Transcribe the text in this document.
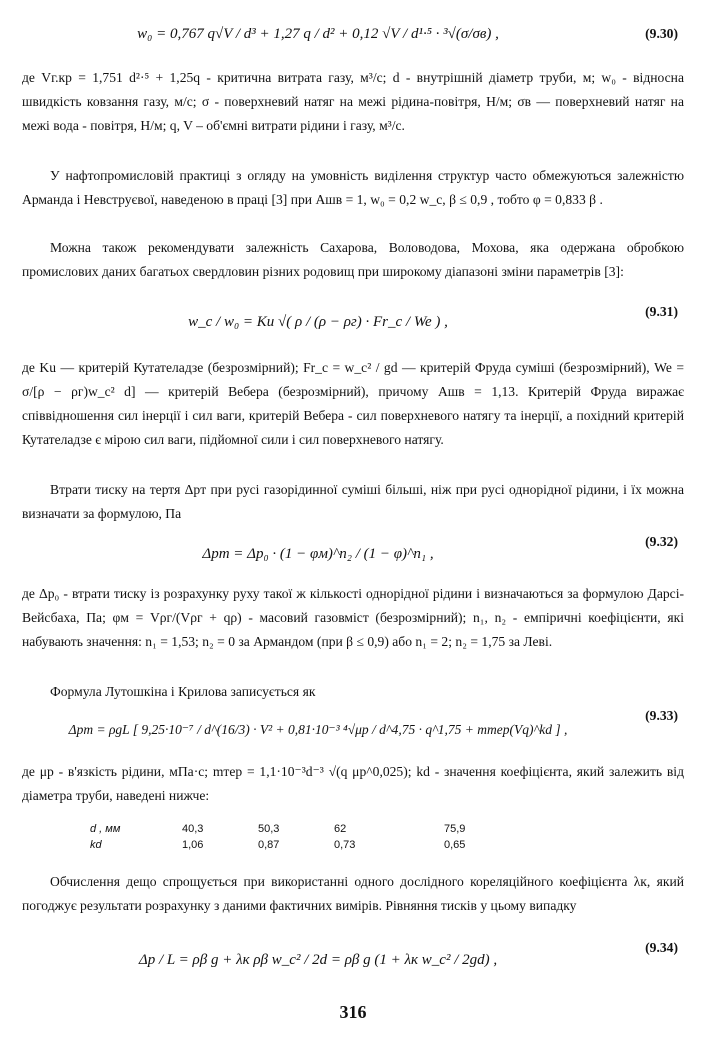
w₀ = 0,767 q√V / d³ + 1,27 q / d² + 0,12 √V / d¹·⁵ · ³√(σ/σв) ,	(9.30)

де Vг.кр = 1,751 d²·⁵ + 1,25q - критична витрата газу, м³/с; d - внутрішній діаметр труби, м; w₀ - відносна швидкість ковзання газу, м/с; σ - поверхневий натяг на межі рідина-повітря, Н/м; σв — поверхневий натяг на межі вода - повітря, Н/м; q, V – об'ємні витрати рідини і газу, м³/с.

У нафтопромисловій практиці з огляду на умовність виділення структур часто обмежуються залежністю Арманда і Невструєвої, наведеною в праці [3] при Aшв = 1, w₀ = 0,2 w_c, β ≤ 0,9 , тобто φ = 0,833 β .

Можна також рекомендувати залежність Сахарова, Воловодова, Мохова, яка одержана обробкою промислових даних багатьох свердловин різних родовищ при широкому діапазоні зміни параметрів [3]:

w_c / w₀ = Ku √( ρ / (ρ − ρг) · Fr_c / We ) ,
(9.31)

де Ku — критерій Кутателадзе (безрозмірний); Fr_c = w_c² / gd — критерій Фруда суміші (безрозмірний), We = σ/[ρ − ρг)w_c² d] — критерій Вебера (безрозмірний), причому Aшв = 1,13. Критерій Фруда виражає співвідношення сил інерції і сил ваги, критерій Вебера - сил поверхневого натягу та інерції, а похідний критерій Кутателадзе є мірою сил ваги, підйомної сили і сил поверхневого натягу.

Втрати тиску на тертя Δpт при русі газорідинної суміші більші, ніж при русі однорідної рідини, і їх можна визначати за формулою, Па

Δpт = Δp₀ · (1 − φм)^n₂ / (1 − φ)^n₁ ,
(9.32)

де Δp₀ - втрати тиску із розрахунку руху такої ж кількості однорідної рідини і визначаються за формулою Дарсі-Вейсбаха, Па; φм = Vρг/(Vρг + qρ) - масовий газовміст (безрозмірний); n₁, n₂ - емпіричні коефіцієнти, які набувають значення: n₁ = 1,53; n₂ = 0 за Армандом (при β ≤ 0,9) або n₁ = 2; n₂ = 1,75 за Леві.

Формула Лутошкіна і Крилова записується як

Δpт = ρgL [ 9,25·10⁻⁷ / d^(16/3) · V² + 0,81·10⁻³ ⁴√μp / d^4,75 · q^1,75 + mтер(Vq)^kd ] ,
(9.33)

де μp - в'язкість рідини, мПа·с; mтер = 1,1·10⁻³d⁻³ √(q μp^0,025); kd - значення коефіцієнта, який залежить від діаметра труби, наведені нижче:

d , мм	40,3	50,3	62	75,9
kd	1,06	0,87	0,73	0,65

Обчислення дещо спрощується при використанні одного дослідного кореляційного коефіцієнта λк, який погоджує результати розрахунку з даними фактичних вимірів. Рівняння тисків у цьому випадку

Δp / L = ρβ g + λк ρβ w_c² / 2d = ρβ g (1 + λк w_c² / 2gd) ,
(9.34)
316
